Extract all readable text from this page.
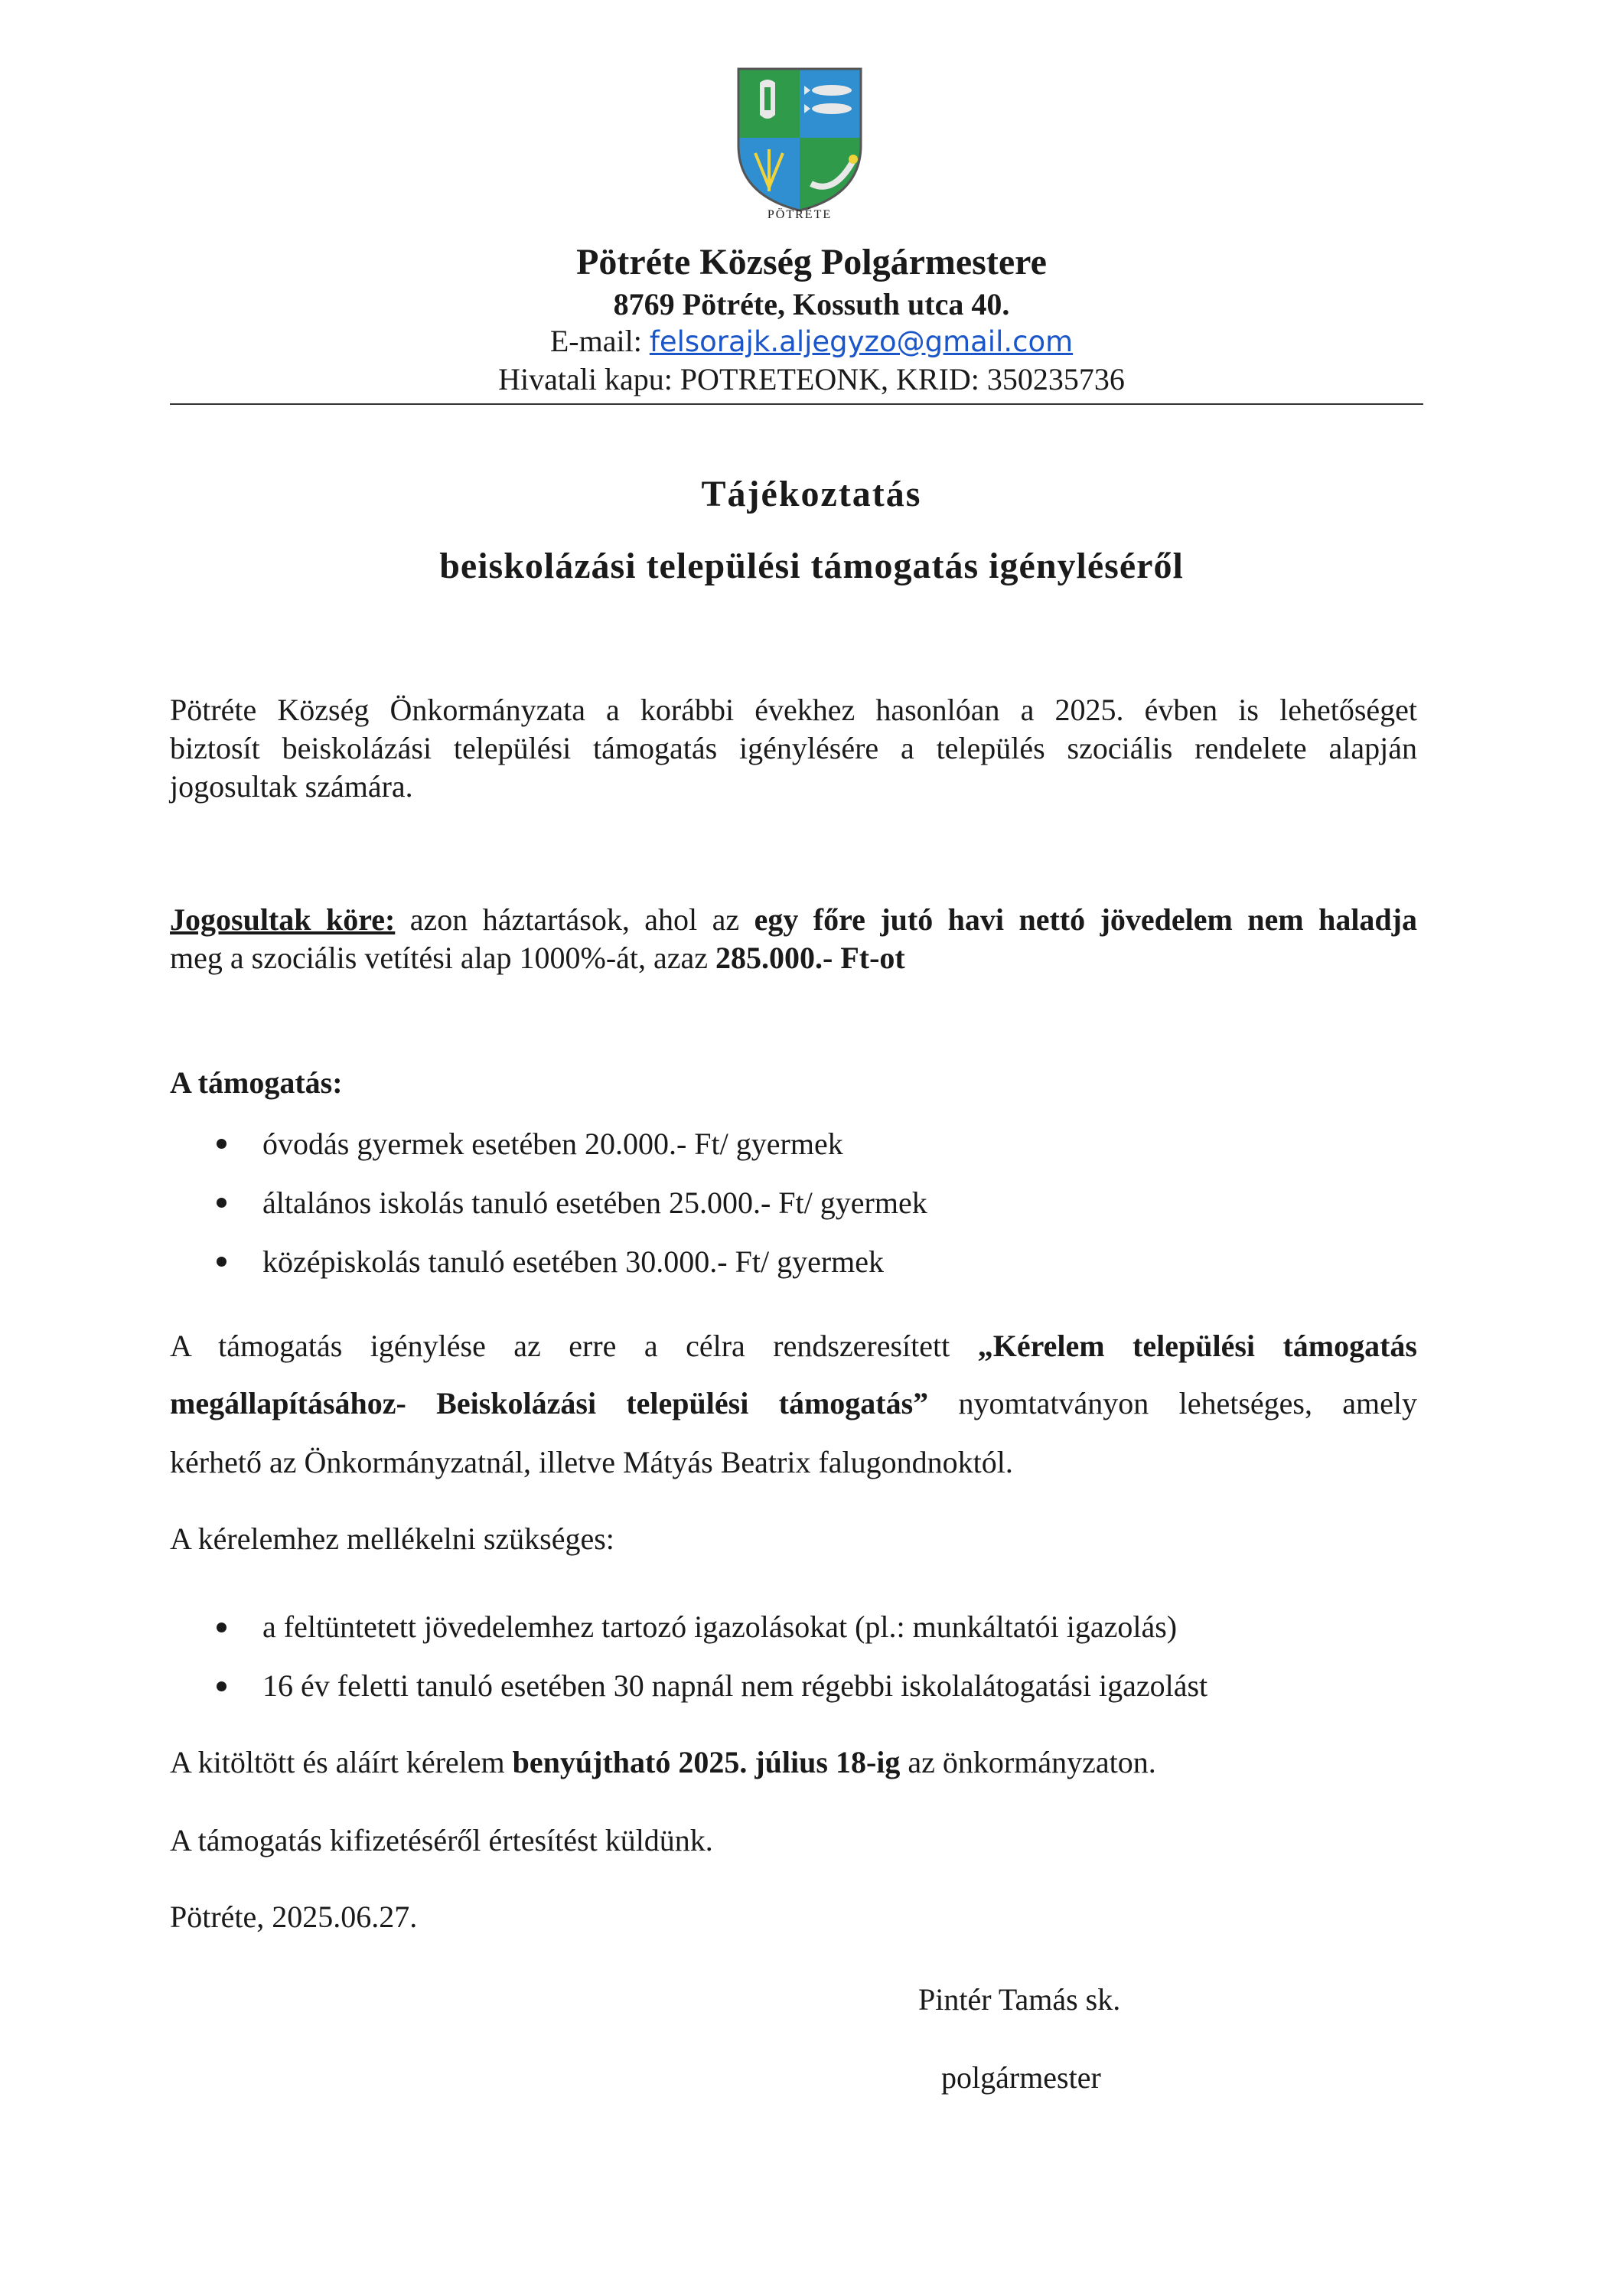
PÖTRÉTE
Pötréte Község Polgármestere
8769 Pötréte, Kossuth utca 40.
E-mail: felsorajk.aljegyzo@gmail.com
Hivatali kapu: POTRETEONK, KRID: 350235736
Tájékoztatás
beiskolázási települési támogatás igényléséről
Pötréte Község Önkormányzata a korábbi évekhez hasonlóan a 2025. évben is lehetőséget
biztosít beiskolázási települési támogatás igénylésére a település szociális rendelete alapján
jogosultak számára.
Jogosultak köre: azon háztartások, ahol az egy főre jutó havi nettó jövedelem nem haladja
meg a szociális vetítési alap 1000%-át, azaz 285.000.- Ft-ot
A támogatás:
óvodás gyermek esetében 20.000.- Ft/ gyermek
általános iskolás tanuló esetében 25.000.- Ft/ gyermek
középiskolás tanuló esetében 30.000.- Ft/ gyermek
A támogatás igénylése az erre a célra rendszeresített „Kérelem települési támogatás
megállapításához- Beiskolázási települési támogatás” nyomtatványon lehetséges, amely
kérhető az Önkormányzatnál, illetve Mátyás Beatrix falugondnoktól.
A kérelemhez mellékelni szükséges:
a feltüntetett jövedelemhez tartozó igazolásokat (pl.: munkáltatói igazolás)
16 év feletti tanuló esetében 30 napnál nem régebbi iskolalátogatási igazolást
A kitöltött és aláírt kérelem benyújtható 2025. július 18-ig az önkormányzaton.
A támogatás kifizetéséről értesítést küldünk.
Pötréte, 2025.06.27.
Pintér Tamás sk.
polgármester
